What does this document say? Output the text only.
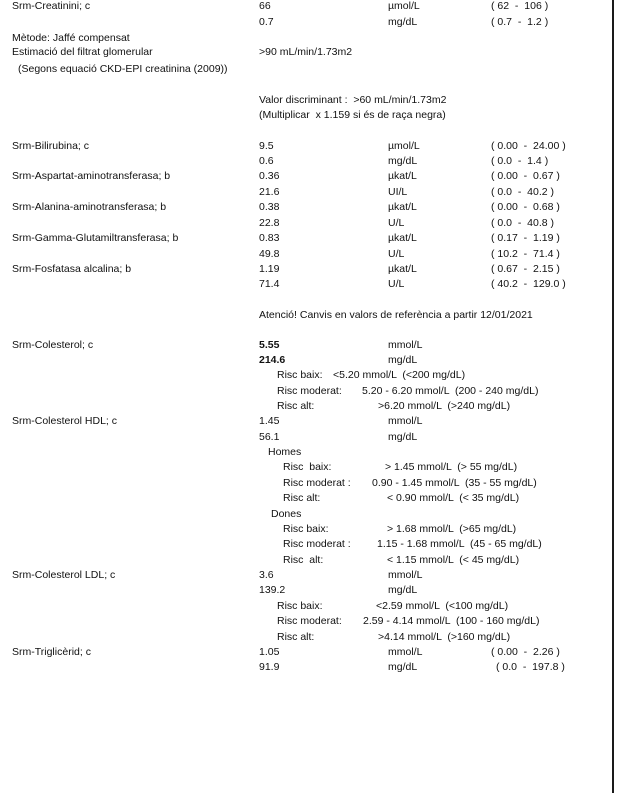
Srm-Creatinini; c	66	µmol/L	( 62  -  106 )
0.7	mg/dL	( 0.7  -  1.2 )
Mètode: Jaffé compensat
Estimació del filtrat glomerular	>90 mL/min/1.73m2
(Segons equació CKD-EPI creatinina (2009))
Valor discriminant :  >60 mL/min/1.73m2
(Multiplicar  x 1.159 si és de raça negra)
Srm-Bilirubina; c	9.5	µmol/L	( 0.00  -  24.00 )
0.6	mg/dL	( 0.0  -  1.4 )
Srm-Aspartat-aminotransferasa; b	0.36	µkat/L	( 0.00  -  0.67 )
21.6	UI/L	( 0.0  -  40.2 )
Srm-Alanina-aminotransferasa; b	0.38	µkat/L	( 0.00  -  0.68 )
22.8	U/L	( 0.0  -  40.8 )
Srm-Gamma-Glutamiltransferasa; b	0.83	µkat/L	( 0.17  -  1.19 )
49.8	U/L	( 10.2  -  71.4 )
Srm-Fosfatasa alcalina; b	1.19	µkat/L	( 0.67  -  2.15 )
71.4	U/L	( 40.2  -  129.0 )
Atenció! Canvis en valors de referència a partir 12/01/2021
Srm-Colesterol; c	5.55	mmol/L
214.6	mg/dL
Risc baix: <5.20 mmol/L  (<200 mg/dL)
Risc moderat: 5.20 - 6.20 mmol/L  (200 - 240 mg/dL)
Risc alt:	>6.20 mmol/L  (>240 mg/dL)
Srm-Colesterol HDL; c	1.45	mmol/L
56.1	mg/dL
Homes
Risc  baix:	> 1.45 mmol/L  (> 55 mg/dL)
Risc moderat : 0.90 - 1.45 mmol/L  (35 - 55 mg/dL)
Risc alt:	< 0.90 mmol/L  (< 35 mg/dL)
Dones
Risc baix:	> 1.68 mmol/L  (>65 mg/dL)
Risc moderat :	1.15 - 1.68 mmol/L  (45 - 65 mg/dL)
Risc  alt:	< 1.15 mmol/L  (< 45 mg/dL)
Srm-Colesterol LDL; c	3.6	mmol/L
139.2	mg/dL
Risc baix:	<2.59 mmol/L  (<100 mg/dL)
Risc moderat: 2.59 - 4.14 mmol/L  (100 - 160 mg/dL)
Risc alt:	>4.14 mmol/L  (>160 mg/dL)
Srm-Triglicèrid; c	1.05	mmol/L	( 0.00  -  2.26 )
91.9	mg/dL	( 0.0  -  197.8 )
